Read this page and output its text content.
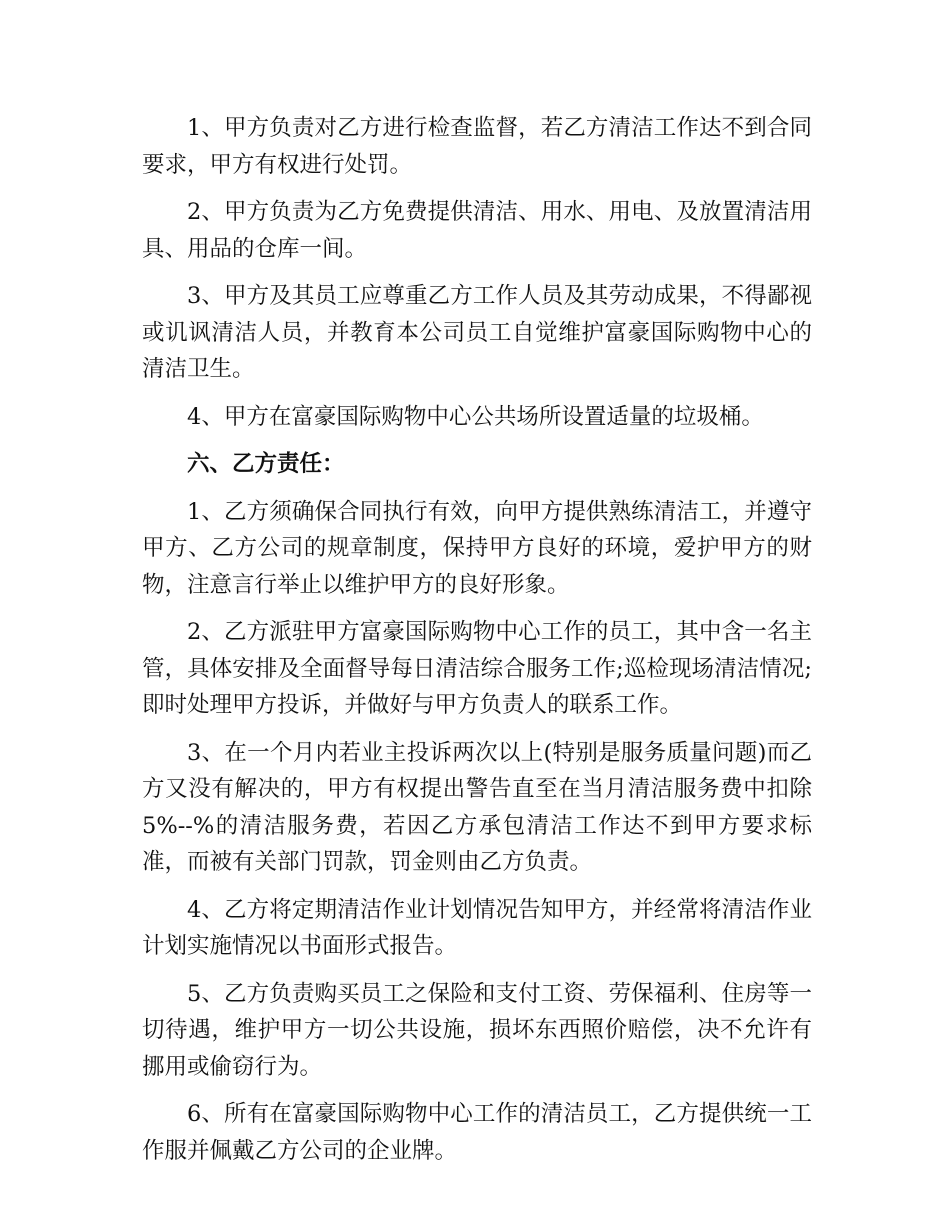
1、甲方负责对乙方进行检查监督，若乙方清洁工作达不到合同要求，甲方有权进行处罚。

2、甲方负责为乙方免费提供清洁、用水、用电、及放置清洁用具、用品的仓库一间。

3、甲方及其员工应尊重乙方工作人员及其劳动成果，不得鄙视或讥讽清洁人员，并教育本公司员工自觉维护富豪国际购物中心的清洁卫生。

4、甲方在富豪国际购物中心公共场所设置适量的垃圾桶。

六、乙方责任：

1、乙方须确保合同执行有效，向甲方提供熟练清洁工，并遵守甲方、乙方公司的规章制度，保持甲方良好的环境，爱护甲方的财物，注意言行举止以维护甲方的良好形象。

2、乙方派驻甲方富豪国际购物中心工作的员工，其中含一名主管，具体安排及全面督导每日清洁综合服务工作;巡检现场清洁情况;即时处理甲方投诉，并做好与甲方负责人的联系工作。

3、在一个月内若业主投诉两次以上(特别是服务质量问题)而乙方又没有解决的，甲方有权提出警告直至在当月清洁服务费中扣除 5%--%的清洁服务费，若因乙方承包清洁工作达不到甲方要求标准，而被有关部门罚款，罚金则由乙方负责。

4、乙方将定期清洁作业计划情况告知甲方，并经常将清洁作业计划实施情况以书面形式报告。

5、乙方负责购买员工之保险和支付工资、劳保福利、住房等一切待遇，维护甲方一切公共设施，损坏东西照价赔偿，决不允许有挪用或偷窃行为。

6、所有在富豪国际购物中心工作的清洁员工，乙方提供统一工作服并佩戴乙方公司的企业牌。
